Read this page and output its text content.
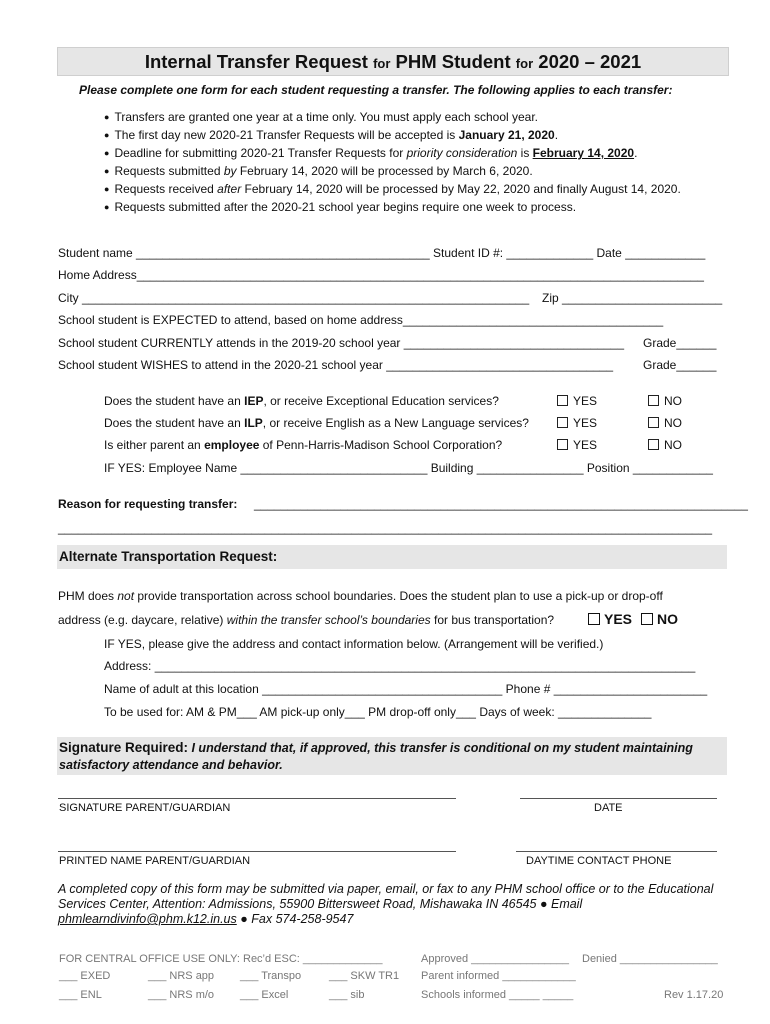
Internal Transfer Request for PHM Student for 2020 – 2021
Please complete one form for each student requesting a transfer. The following applies to each transfer:
● Transfers are granted one year at a time only. You must apply each school year.
● The first day new 2020-21 Transfer Requests will be accepted is January 21, 2020.
● Deadline for submitting 2020-21 Transfer Requests for priority consideration is February 14, 2020.
● Requests submitted by February 14, 2020 will be processed by March 6, 2020.
● Requests received after February 14, 2020 will be processed by May 22, 2020 and finally August 14, 2020.
● Requests submitted after the 2020-21 school year begins require one week to process.
Student name ____________________________________________ Student ID #: _____________ Date ____________
Home Address_____________________________________________________________________________________
City ___________________________________________________________________ Zip ________________________
School student is EXPECTED to attend, based on home address_______________________________________
School student CURRENTLY attends in the 2019-20 school year _________________________________ Grade______
School student WISHES to attend in the 2020-21 school year __________________________________ Grade______
Does the student have an IEP, or receive Exceptional Education services?	YES	NO
Does the student have an ILP, or receive English as a New Language services?	YES	NO
Is either parent an employee of Penn-Harris-Madison School Corporation?	YES	NO
IF YES: Employee Name ____________________________ Building ________________ Position ____________
Reason for requesting transfer: __________________________________________________________________________
__________________________________________________________________________________________________
Alternate Transportation Request:
PHM does not provide transportation across school boundaries. Does the student plan to use a pick-up or drop-off
address (e.g. daycare, relative) within the transfer school’s boundaries for bus transportation?	YES	NO
IF YES, please give the address and contact information below. (Arrangement will be verified.)
Address: _________________________________________________________________________________
Name of adult at this location ____________________________________ Phone # _______________________
To be used for: AM & PM___ AM pick-up only___ PM drop-off only___ Days of week: ______________
Signature Required: I understand that, if approved, this transfer is conditional on my student maintaining
satisfactory attendance and behavior.
SIGNATURE PARENT/GUARDIAN	DATE
PRINTED NAME PARENT/GUARDIAN	DAYTIME CONTACT PHONE
A completed copy of this form may be submitted via paper, email, or fax to any PHM school office or to the Educational
Services Center, Attention: Admissions, 55900 Bittersweet Road, Mishawaka IN 46545 ● Email
phmlearndivinfo@phm.k12.in.us ● Fax 574-258-9547
FOR CENTRAL OFFICE USE ONLY: Rec’d ESC: _____________	Approved ________________ Denied ________________
___ EXED	___ NRS app ___ Transpo	___ SKW TR1 Parent informed ____________
___ ENL	___ NRS m/o ___ Excel	___ sib	Schools informed _____ _____	Rev 1.17.20
